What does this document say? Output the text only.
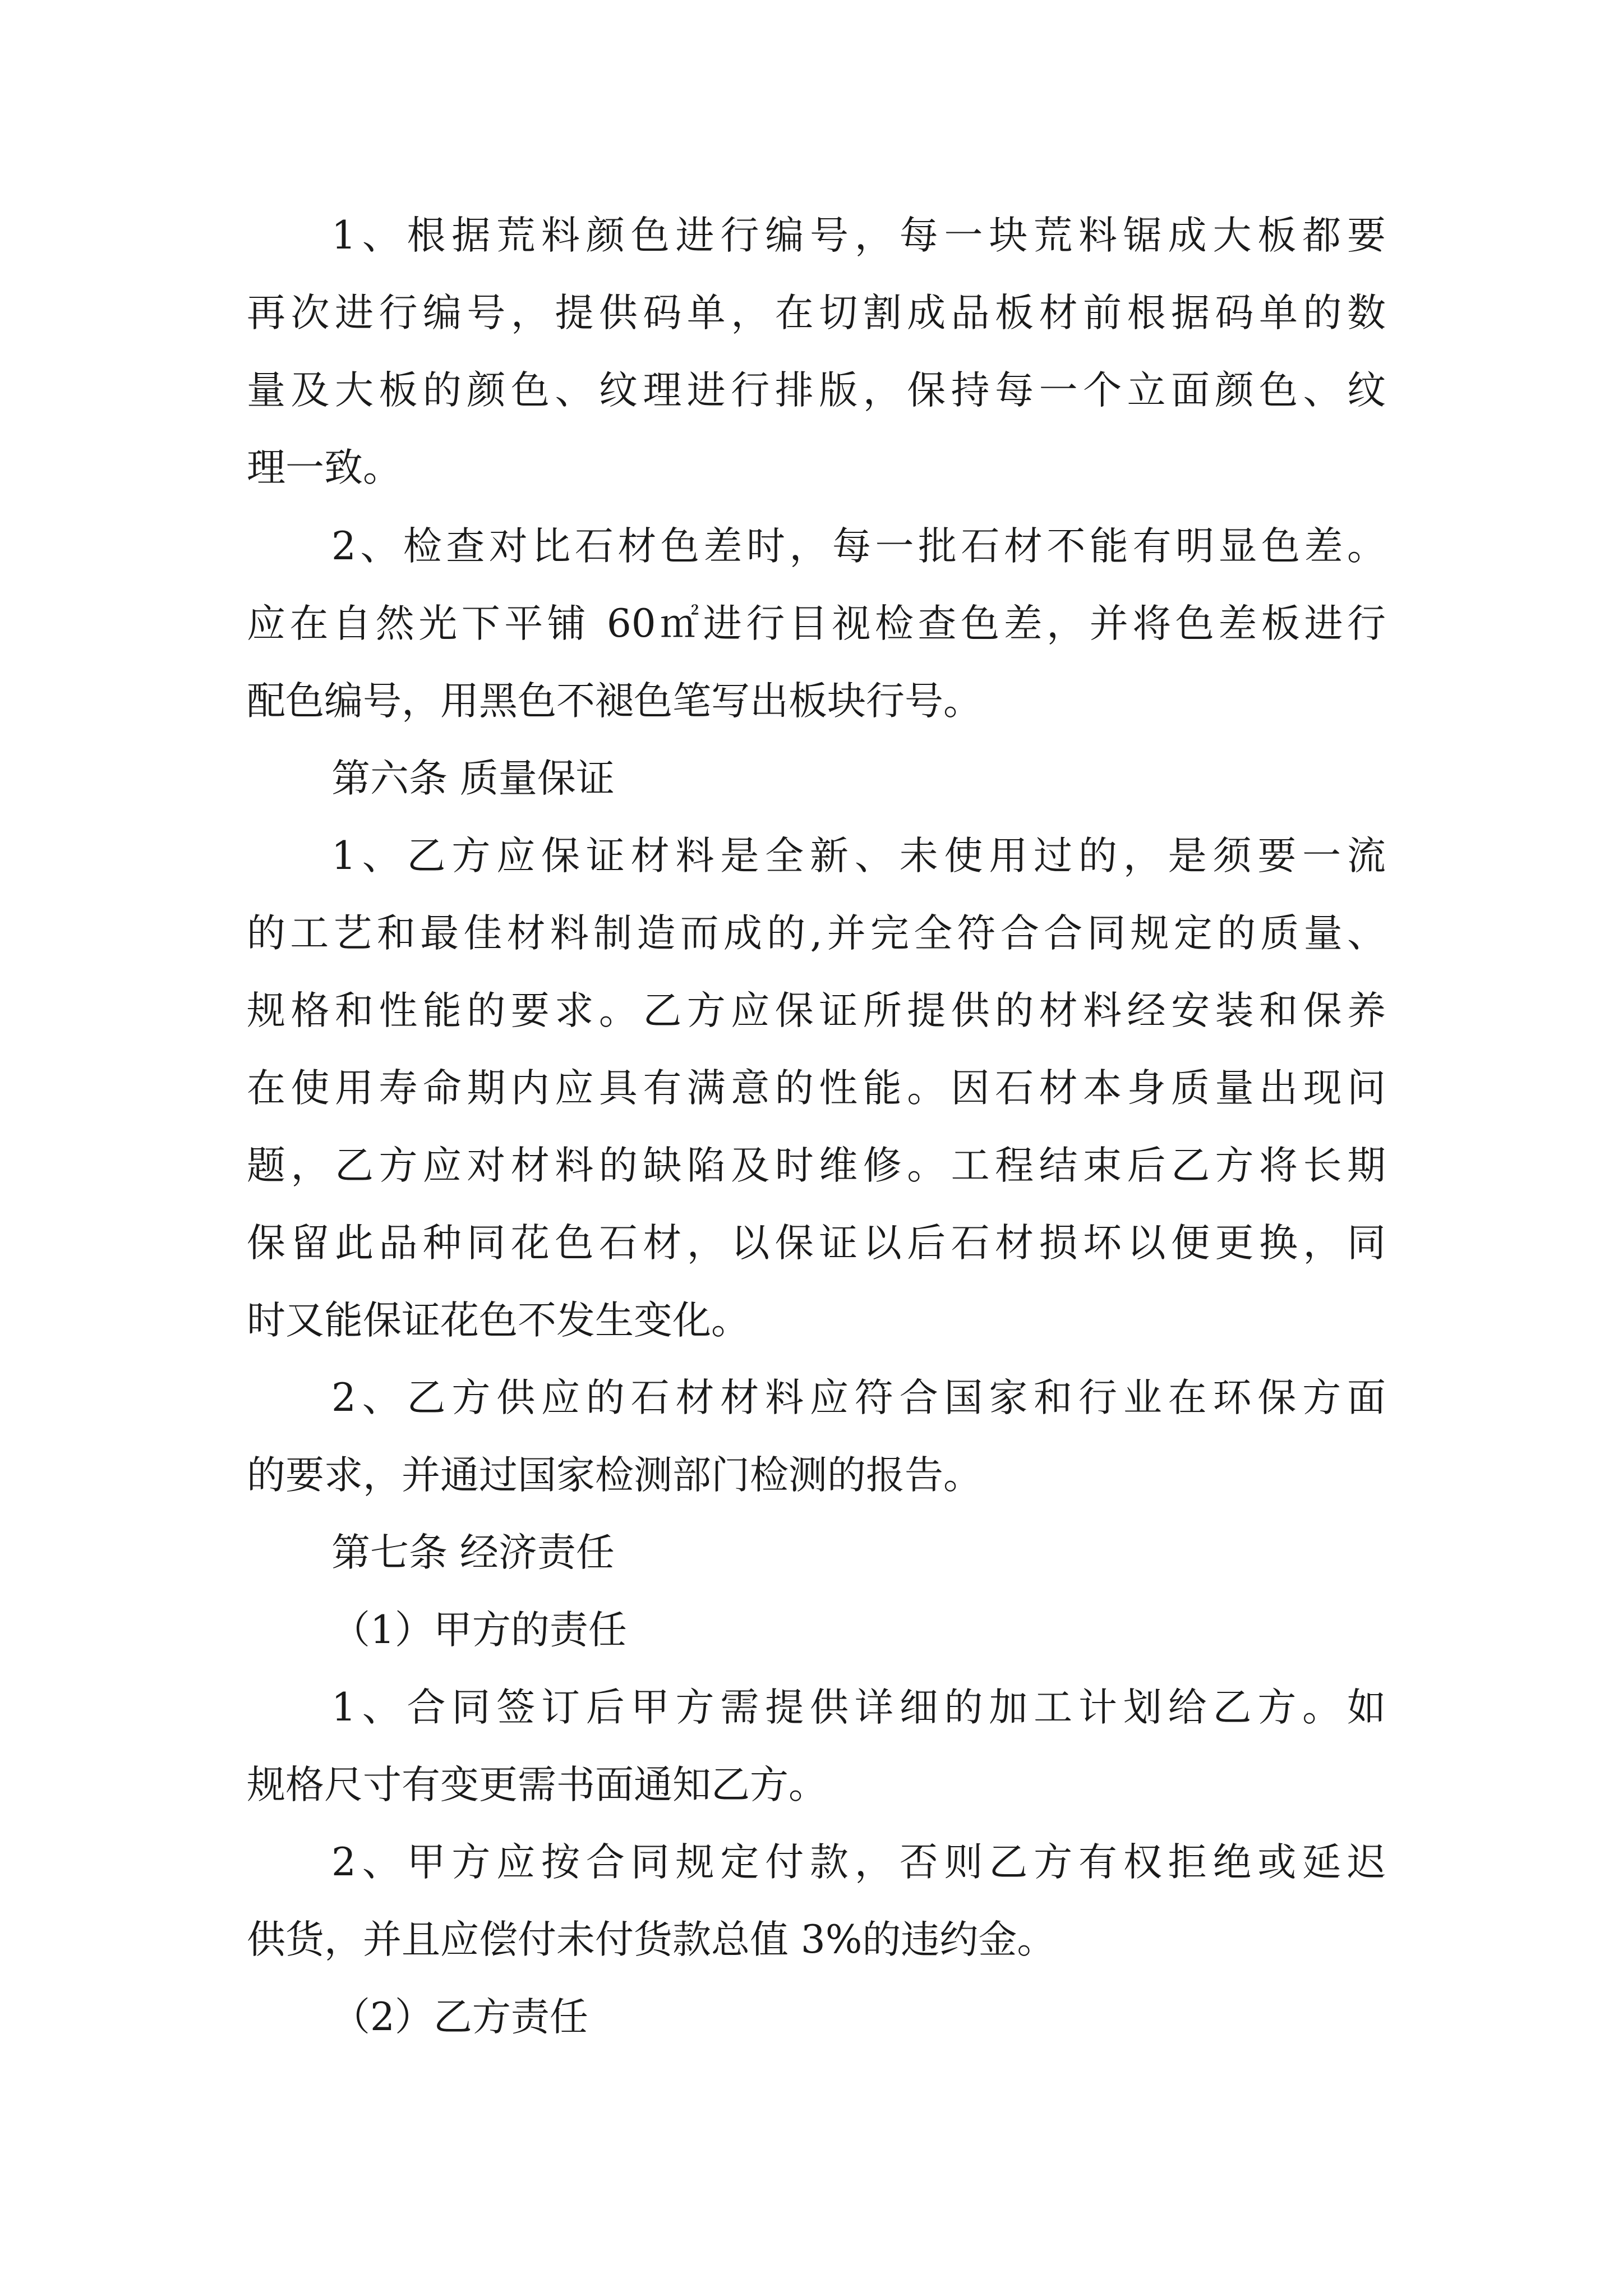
1、根据荒料颜色进行编号，每一块荒料锯成大板都要
再次进行编号，提供码单，在切割成品板材前根据码单的数
量及大板的颜色、纹理进行排版，保持每一个立面颜色、纹
理一致。
2、检查对比石材色差时，每一批石材不能有明显色差。
应在自然光下平铺 60㎡进行目视检查色差，并将色差板进行
配色编号，用黑色不褪色笔写出板块行号。
第六条 质量保证
1、乙方应保证材料是全新、未使用过的，是须要一流
的工艺和最佳材料制造而成的,并完全符合合同规定的质量、
规格和性能的要求。乙方应保证所提供的材料经安装和保养
在使用寿命期内应具有满意的性能。因石材本身质量出现问
题，乙方应对材料的缺陷及时维修。工程结束后乙方将长期
保留此品种同花色石材，以保证以后石材损坏以便更换，同
时又能保证花色不发生变化。
2、乙方供应的石材材料应符合国家和行业在环保方面
的要求，并通过国家检测部门检测的报告。
第七条 经济责任
（1）甲方的责任
1、合同签订后甲方需提供详细的加工计划给乙方。如
规格尺寸有变更需书面通知乙方。
2、甲方应按合同规定付款，否则乙方有权拒绝或延迟
供货，并且应偿付未付货款总值 3%的违约金。
（2）乙方责任
